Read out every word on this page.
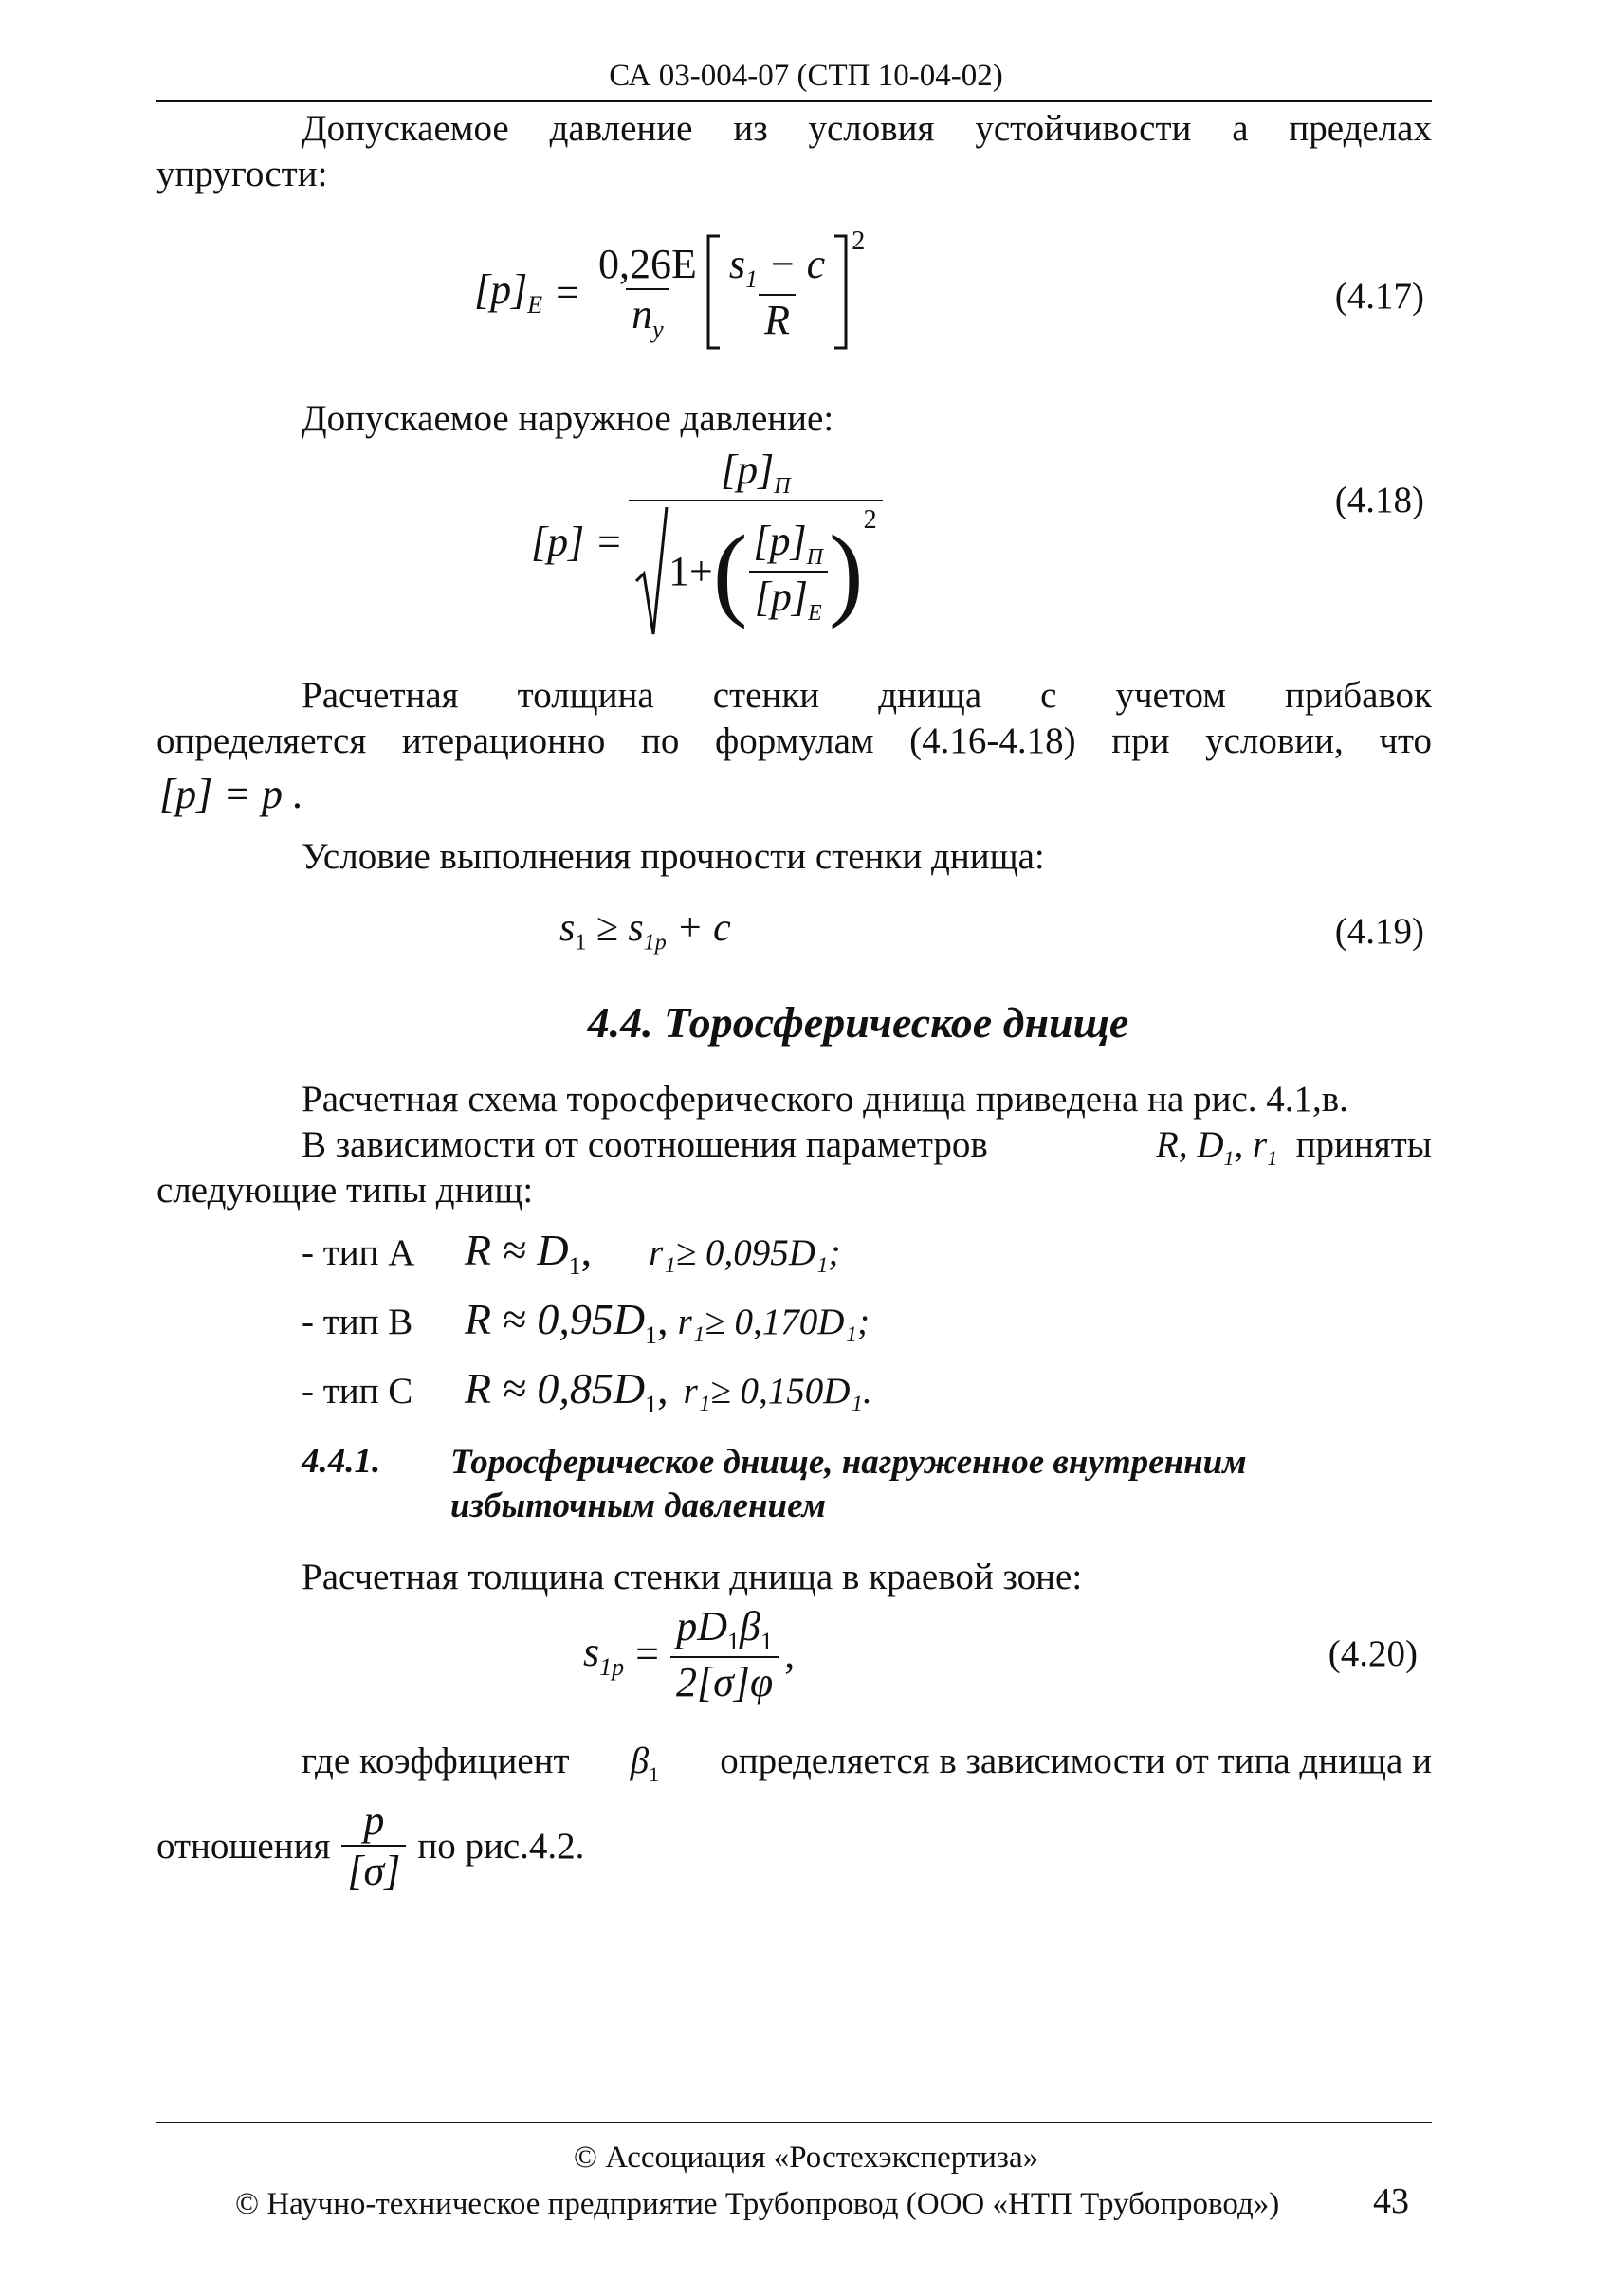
СА 03-004-07 (СТП 10-04-02)
Допускаемое давление из условия устойчивости а пределах
упругости:
$[p]_E = \frac{0,26E}{n_y} \frac{s_1 - c}{R} ^2$
(4.17)
Допускаемое наружное давление:
[p] =
$[p]_П$
1+ ( $\frac{[p]_П}{[p]_E} )^2$	(4.18)
Расчетная толщина стенки днища с учетом прибавок
определяется итерационно по формулам (4.16-4.18) при условии, что
[p] = p .
Условие выполнения прочности стенки днища:
$s_1 \ge s_{1p} + c$	(4.19)
4.4. Торосферическое днище
Расчетная схема торосферического днища приведена на рис. 4.1,в.
В зависимости от соотношения параметров	R, $D_1$, $r_1$ приняты
следующие типы днищ:
- тип А	$R \approx D_1$, r₁≥ 0,095D₁;
- тип В	$R \approx 0,95D_1$, r₁≥ 0,170D₁;
- тип С	$R \approx 0,85D_1$, r₁≥ 0,150D₁.
4.4.1. Торосферическое днище, нагруженное внутренним
избыточным давлением
Расчетная толщина стенки днища в краевой зоне:
$s_{1p} = \frac{pD_1\beta_1}{2[\sigma]\varphi}$ ,	(4.20)
где коэффициент $\beta_1$ определяется в зависимости от типа днища и
отношения $\frac{p}{[\sigma]}$ по рис.4.2.
© Ассоциация «Ростехэкспертиза»
© Научно-техническое предприятие Трубопровод (ООО «НТП Трубопровод»)	43
